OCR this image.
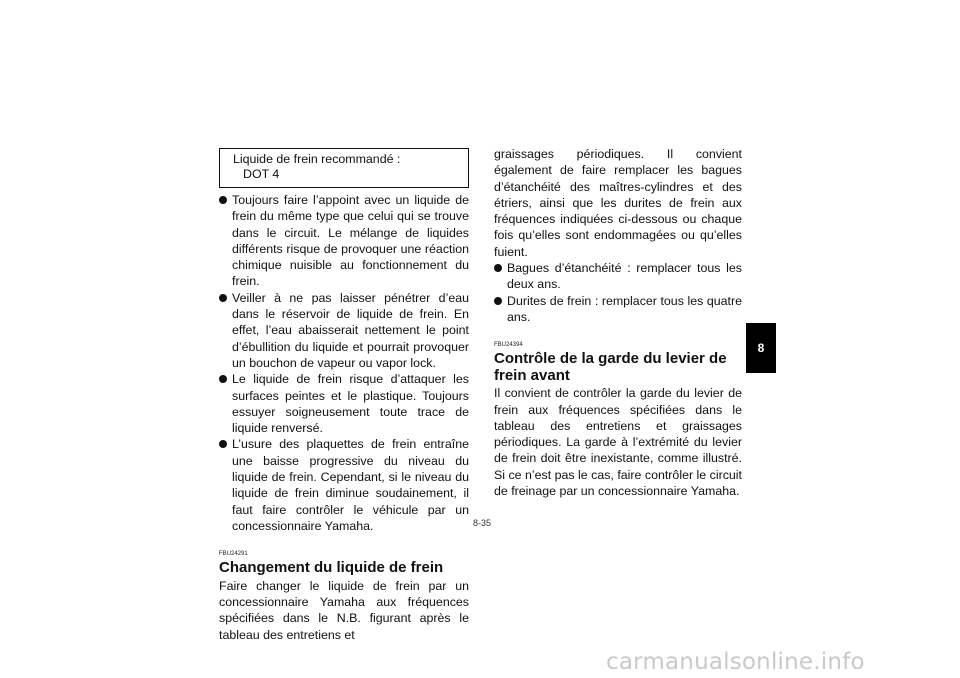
Liquide de frein recommandé :
DOT 4
Toujours faire l’appoint avec un liquide de frein du même type que celui qui se trouve dans le circuit. Le mélange de liquides différents risque de provoquer une réaction chimique nuisible au fonctionnement du frein.
Veiller à ne pas laisser pénétrer d’eau dans le réservoir de liquide de frein. En effet, l’eau abaisserait nettement le point d’ébullition du liquide et pourrait provoquer un bouchon de vapeur ou vapor lock.
Le liquide de frein risque d’attaquer les surfaces peintes et le plastique. Toujours essuyer soigneusement toute trace de liquide renversé.
L’usure des plaquettes de frein entraîne une baisse progressive du niveau du liquide de frein. Cependant, si le niveau du liquide de frein diminue soudainement, il faut faire contrôler le véhicule par un concessionnaire Yamaha.
FBU24291
Changement du liquide de frein

Faire changer le liquide de frein par un concessionnaire Yamaha aux fréquences spécifiées dans le N.B. figurant après le tableau des entretiens et

graissages périodiques. Il convient également de faire remplacer les bagues d’étanchéité des maîtres-cylindres et des étriers, ainsi que les durites de frein aux fréquences indiquées ci-dessous ou chaque fois qu’elles sont endommagées ou qu’elles fuient.

Bagues d’étanchéité : remplacer tous les deux ans.
Durites de frein : remplacer tous les quatre ans.
FBU24394
Contrôle de la garde du levier de frein avant

Il convient de contrôler la garde du levier de frein aux fréquences spécifiées dans le tableau des entretiens et graissages périodiques. La garde à l’extrémité du levier de frein doit être inexistante, comme illustré. Si ce n’est pas le cas, faire contrôler le circuit de freinage par un concessionnaire Yamaha.

8-35
8
carmanualsonline.info
